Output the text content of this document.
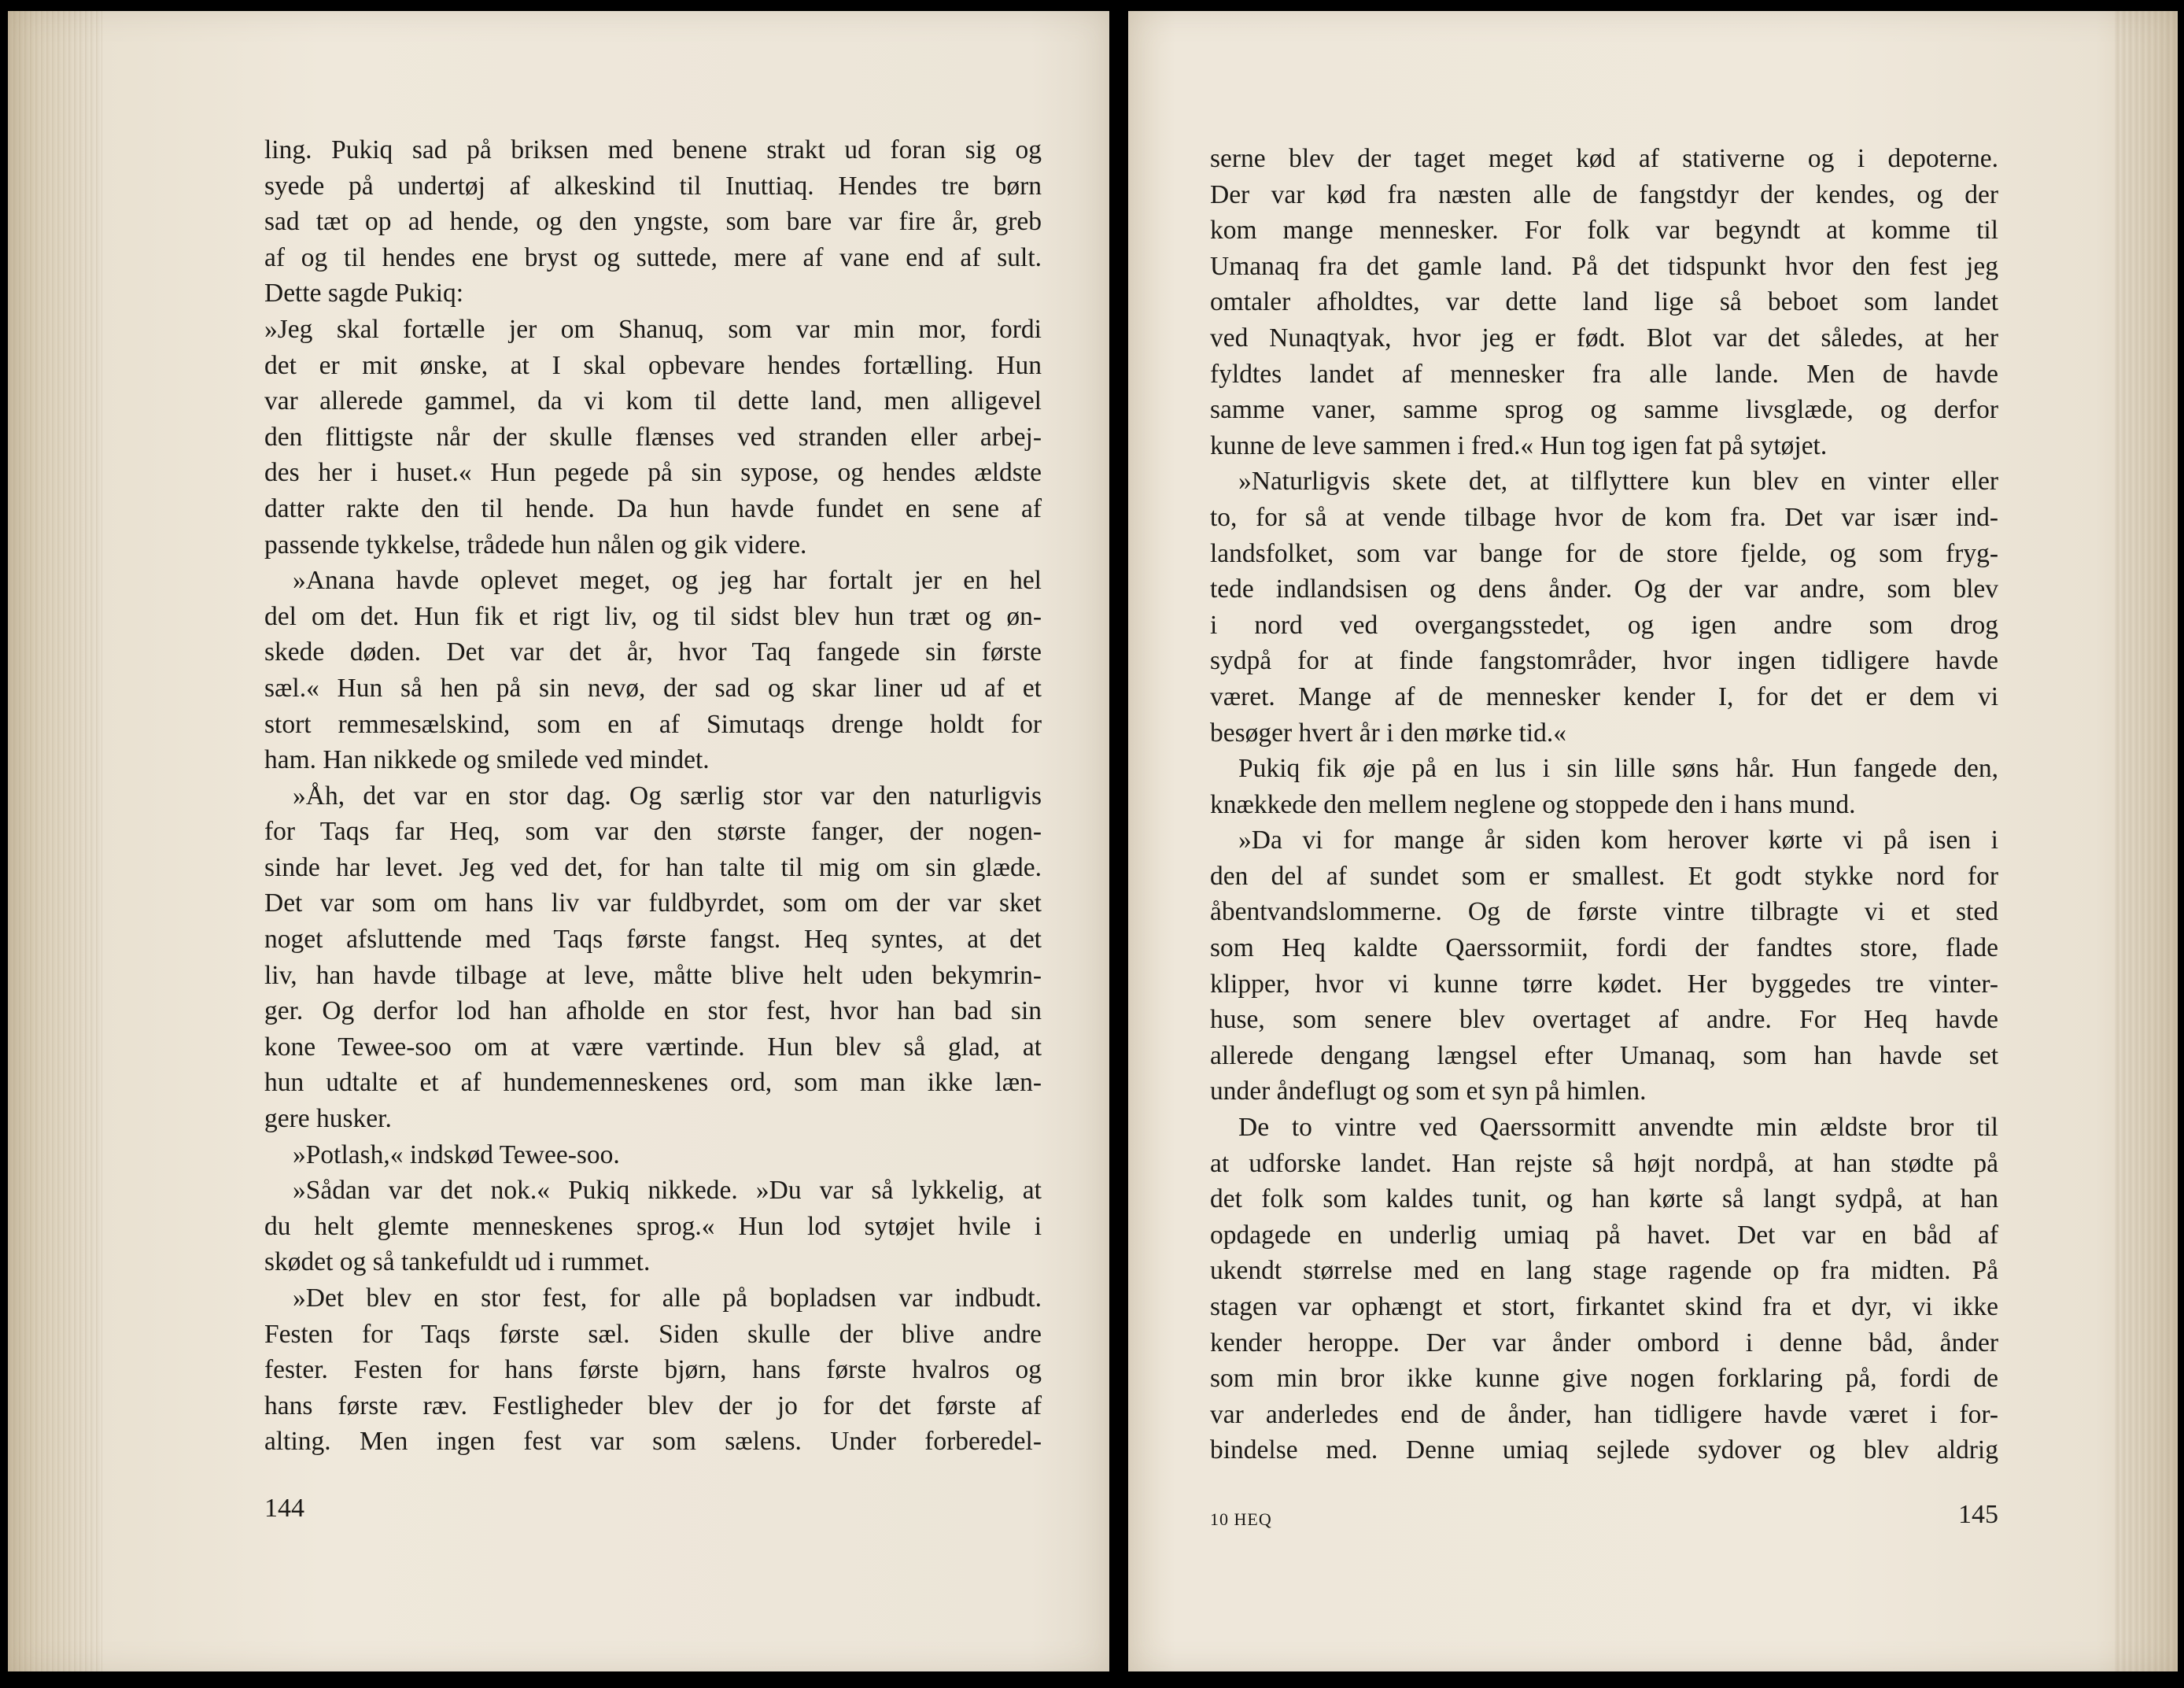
ling. Pukiq sad på briksen med benene strakt ud foran sig og
syede på undertøj af alkeskind til Inuttiaq. Hendes tre børn
sad tæt op ad hende, og den yngste, som bare var fire år, greb
af og til hendes ene bryst og suttede, mere af vane end af sult.
Dette sagde Pukiq:
»Jeg skal fortælle jer om Shanuq, som var min mor, fordi
det er mit ønske, at I skal opbevare hendes fortælling. Hun
var allerede gammel, da vi kom til dette land, men alligevel
den flittigste når der skulle flænses ved stranden eller arbej-
des her i huset.« Hun pegede på sin sypose, og hendes ældste
datter rakte den til hende. Da hun havde fundet en sene af
passende tykkelse, trådede hun nålen og gik videre.
»Anana havde oplevet meget, og jeg har fortalt jer en hel
del om det. Hun fik et rigt liv, og til sidst blev hun træt og øn-
skede døden. Det var det år, hvor Taq fangede sin første
sæl.« Hun så hen på sin nevø, der sad og skar liner ud af et
stort remmesælskind, som en af Simutaqs drenge holdt for
ham. Han nikkede og smilede ved mindet.
»Åh, det var en stor dag. Og særlig stor var den naturligvis
for Taqs far Heq, som var den største fanger, der nogen-
sinde har levet. Jeg ved det, for han talte til mig om sin glæde.
Det var som om hans liv var fuldbyrdet, som om der var sket
noget afsluttende med Taqs første fangst. Heq syntes, at det
liv, han havde tilbage at leve, måtte blive helt uden bekymrin-
ger. Og derfor lod han afholde en stor fest, hvor han bad sin
kone Tewee-soo om at være værtinde. Hun blev så glad, at
hun udtalte et af hundemenneskenes ord, som man ikke læn-
gere husker.
»Potlash,« indskød Tewee-soo.
»Sådan var det nok.« Pukiq nikkede. »Du var så lykkelig, at
du helt glemte menneskenes sprog.« Hun lod sytøjet hvile i
skødet og så tankefuldt ud i rummet.
»Det blev en stor fest, for alle på bopladsen var indbudt.
Festen for Taqs første sæl. Siden skulle der blive andre
fester. Festen for hans første bjørn, hans første hvalros og
hans første ræv. Festligheder blev der jo for det første af
alting. Men ingen fest var som sælens. Under forberedel-
144
serne blev der taget meget kød af stativerne og i depoterne.
Der var kød fra næsten alle de fangstdyr der kendes, og der
kom mange mennesker. For folk var begyndt at komme til
Umanaq fra det gamle land. På det tidspunkt hvor den fest jeg
omtaler afholdtes, var dette land lige så beboet som landet
ved Nunaqtyak, hvor jeg er født. Blot var det således, at her
fyldtes landet af mennesker fra alle lande. Men de havde
samme vaner, samme sprog og samme livsglæde, og derfor
kunne de leve sammen i fred.« Hun tog igen fat på sytøjet.
»Naturligvis skete det, at tilflyttere kun blev en vinter eller
to, for så at vende tilbage hvor de kom fra. Det var især ind-
landsfolket, som var bange for de store fjelde, og som fryg-
tede indlandsisen og dens ånder. Og der var andre, som blev
i nord ved overgangsstedet, og igen andre som drog
sydpå for at finde fangstområder, hvor ingen tidligere havde
været. Mange af de mennesker kender I, for det er dem vi
besøger hvert år i den mørke tid.«
Pukiq fik øje på en lus i sin lille søns hår. Hun fangede den,
knækkede den mellem neglene og stoppede den i hans mund.
»Da vi for mange år siden kom herover kørte vi på isen i
den del af sundet som er smallest. Et godt stykke nord for
åbentvandslommerne. Og de første vintre tilbragte vi et sted
som Heq kaldte Qaerssormiit, fordi der fandtes store, flade
klipper, hvor vi kunne tørre kødet. Her byggedes tre vinter-
huse, som senere blev overtaget af andre. For Heq havde
allerede dengang længsel efter Umanaq, som han havde set
under åndeflugt og som et syn på himlen.
De to vintre ved Qaerssormitt anvendte min ældste bror til
at udforske landet. Han rejste så højt nordpå, at han stødte på
det folk som kaldes tunit, og han kørte så langt sydpå, at han
opdagede en underlig umiaq på havet. Det var en båd af
ukendt størrelse med en lang stage ragende op fra midten. På
stagen var ophængt et stort, firkantet skind fra et dyr, vi ikke
kender heroppe. Der var ånder ombord i denne båd, ånder
som min bror ikke kunne give nogen forklaring på, fordi de
var anderledes end de ånder, han tidligere havde været i for-
bindelse med. Denne umiaq sejlede sydover og blev aldrig
10 HEQ	145
